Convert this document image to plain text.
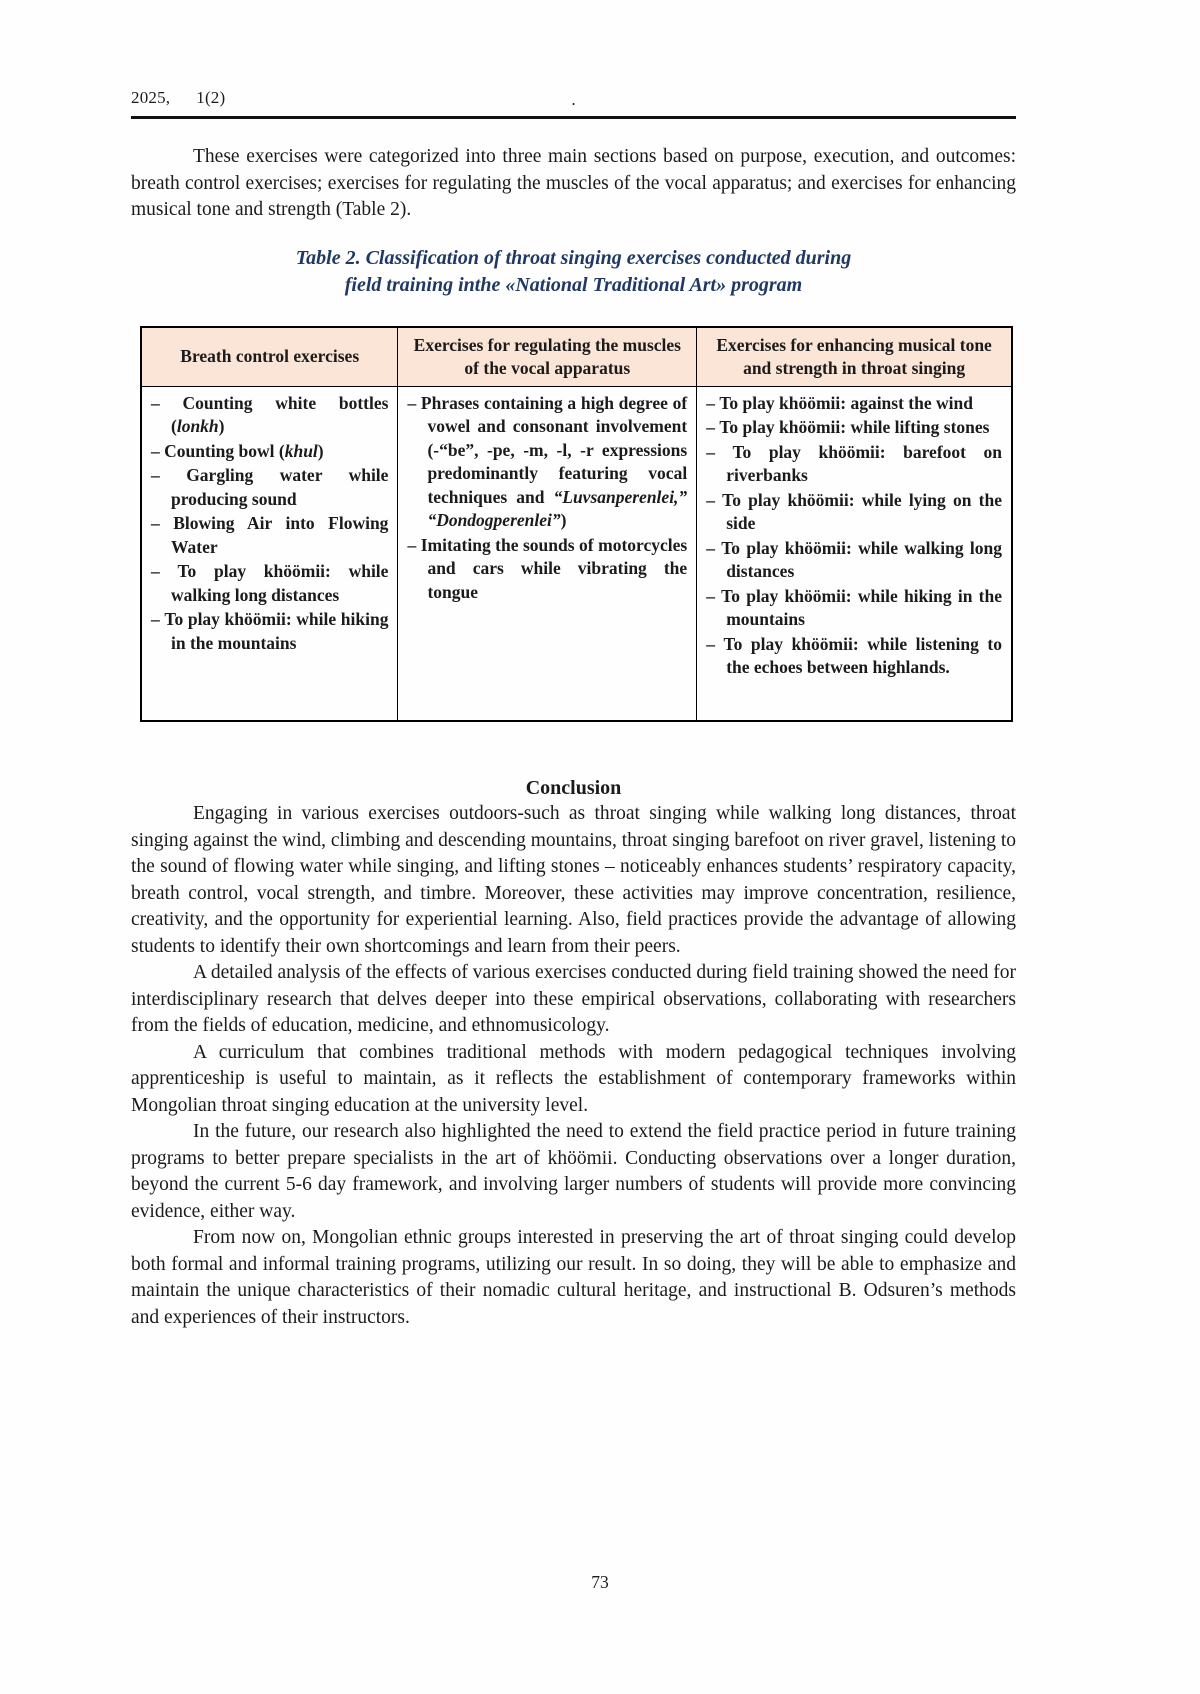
2025, 1(2)	.

These exercises were categorized into three main sections based on purpose, execution, and outcomes: breath control exercises; exercises for regulating the muscles of the vocal apparatus; and exercises for enhancing musical tone and strength (Table 2).

Table 2. Classification of throat singing exercises conducted during
field training inthe «National Traditional Art» program
Breath control exercises	Exercises for regulating the muscles of the vocal apparatus	Exercises for enhancing musical tone and strength in throat singing

– Counting white bottles (lonkh)
– Counting bowl (khul)
– Gargling water while producing sound
– Blowing Air into Flowing Water
– To play khöömii: while walking long distances
– To play khöömii: while hiking in the mountains

– Phrases containing a high degree of vowel and consonant involvement (-“be”, -pe, -m, -l, -r expressions predominantly featuring vocal techniques and “Luvsanperenlei,” “Dondogperenlei”)
– Imitating the sounds of motorcycles and cars while vibrating the tongue

– To play khöömii: against the wind
– To play khöömii: while lifting stones
– To play khöömii: barefoot on riverbanks
– To play khöömii: while lying on the side
– To play khöömii: while walking long distances
– To play khöömii: while hiking in the mountains
– To play khöömii: while listening to the echoes between highlands.
Conclusion

Engaging in various exercises outdoors-such as throat singing while walking long distances, throat singing against the wind, climbing and descending mountains, throat singing barefoot on river gravel, listening to the sound of flowing water while singing, and lifting stones – noticeably enhances students’ respiratory capacity, breath control, vocal strength, and timbre. Moreover, these activities may improve concentration, resilience, creativity, and the opportunity for experiential learning. Also, field practices provide the advantage of allowing students to identify their own shortcomings and learn from their peers.

A detailed analysis of the effects of various exercises conducted during field training showed the need for interdisciplinary research that delves deeper into these empirical observations, collaborating with researchers from the fields of education, medicine, and ethnomusicology.

A curriculum that combines traditional methods with modern pedagogical techniques involving apprenticeship is useful to maintain, as it reflects the establishment of contemporary frameworks within Mongolian throat singing education at the university level.

In the future, our research also highlighted the need to extend the field practice period in future training programs to better prepare specialists in the art of khöömii. Conducting observations over a longer duration, beyond the current 5-6 day framework, and involving larger numbers of students will provide more convincing evidence, either way.

From now on, Mongolian ethnic groups interested in preserving the art of throat singing could develop both formal and informal training programs, utilizing our result. In so doing, they will be able to emphasize and maintain the unique characteristics of their nomadic cultural heritage, and instructional B. Odsuren’s methods and experiences of their instructors.

73
